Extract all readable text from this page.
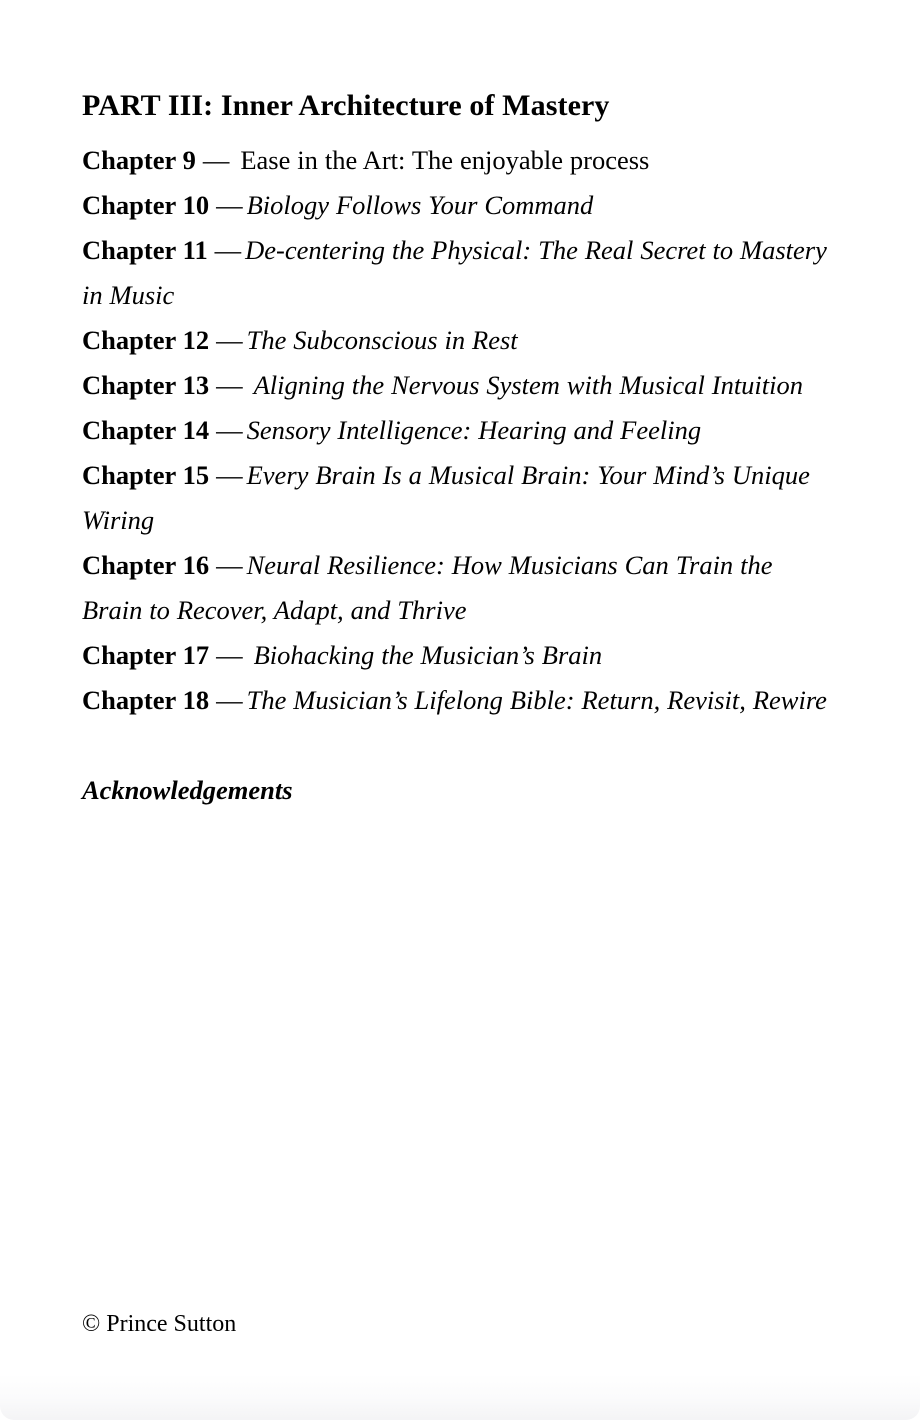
PART III: Inner Architecture of Mastery
Chapter 9 — Ease in the Art: The enjoyable process
Chapter 10 — Biology Follows Your Command
Chapter 11 — De-centering the Physical: The Real Secret to Mastery in Music
Chapter 12 — The Subconscious in Rest
Chapter 13 — Aligning the Nervous System with Musical Intuition
Chapter 14 — Sensory Intelligence: Hearing and Feeling
Chapter 15 — Every Brain Is a Musical Brain: Your Mind’s Unique Wiring
Chapter 16 — Neural Resilience: How Musicians Can Train the Brain to Recover, Adapt, and Thrive
Chapter 17 — Biohacking the Musician’s Brain
Chapter 18 — The Musician’s Lifelong Bible: Return, Revisit, Rewire
Acknowledgements
© Prince Sutton
